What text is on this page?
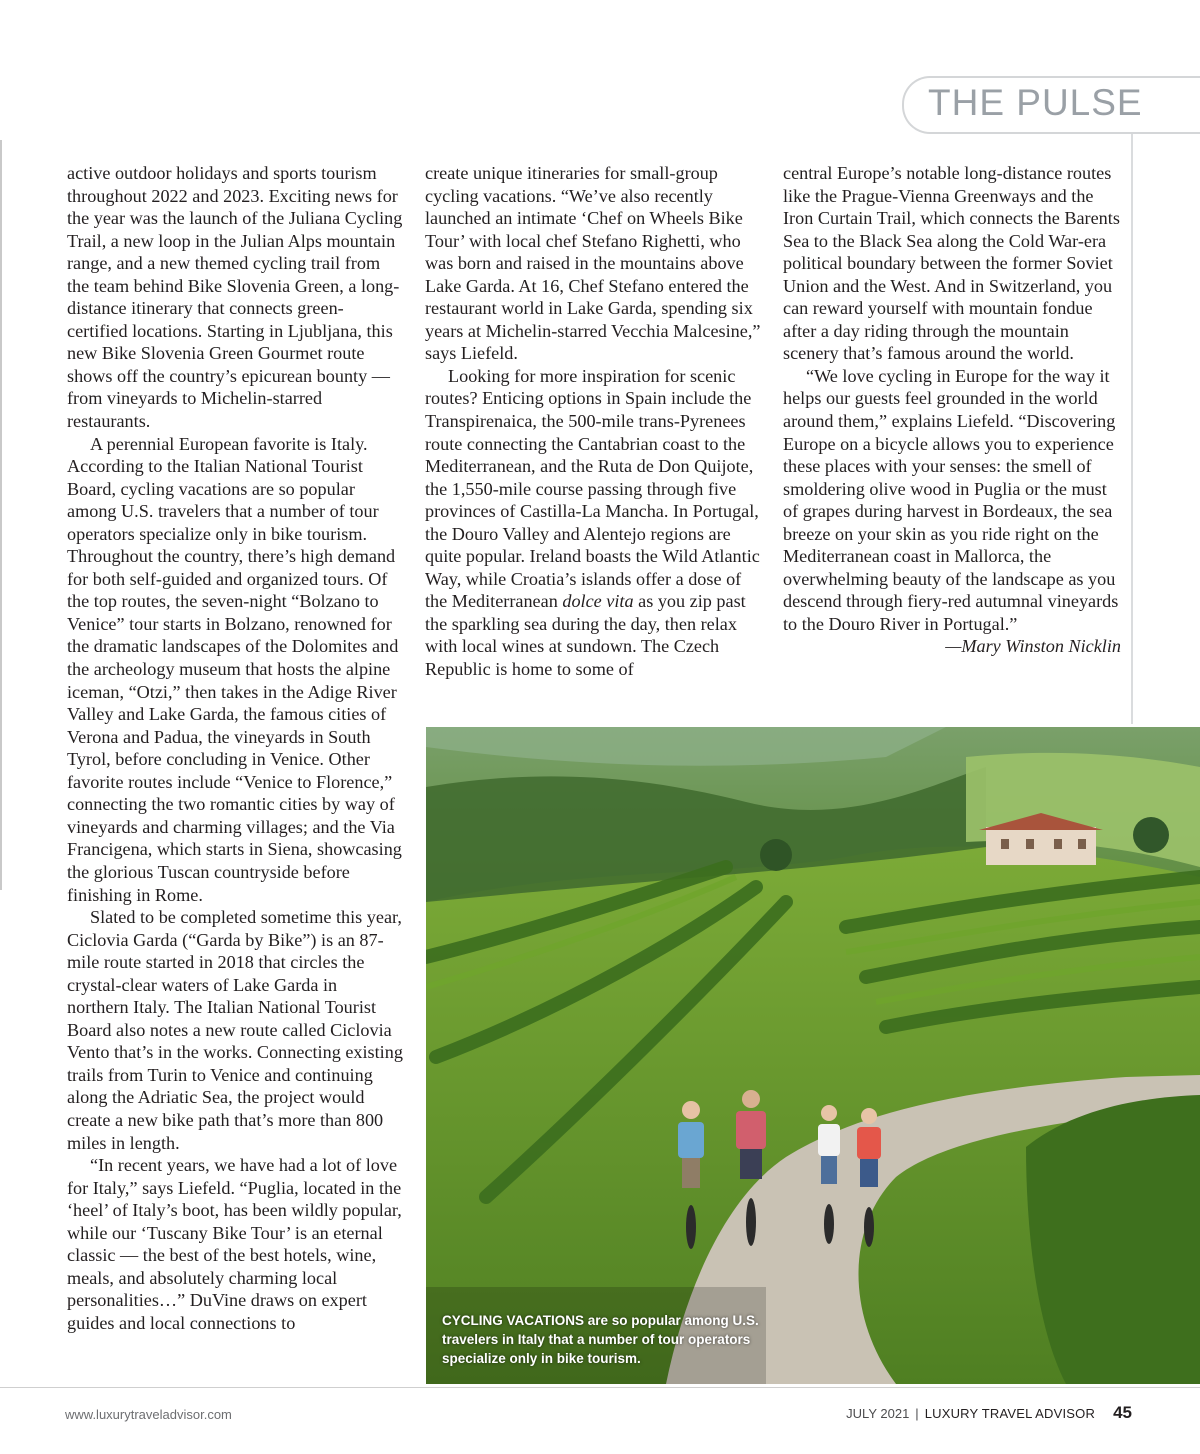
THE PULSE

active outdoor holidays and sports tourism throughout 2022 and 2023. Exciting news for the year was the launch of the Juliana Cycling Trail, a new loop in the Julian Alps mountain range, and a new themed cycling trail from the team behind Bike Slovenia Green, a long-distance itinerary that connects green-certified locations. Starting in Ljubljana, this new Bike Slovenia Green Gourmet route shows off the country’s epicurean bounty — from vineyards to Michelin-starred restaurants.

A perennial European favorite is Italy. According to the Italian National Tourist Board, cycling vacations are so popular among U.S. travelers that a number of tour operators specialize only in bike tourism. Throughout the country, there’s high demand for both self-guided and organized tours. Of the top routes, the seven-night “Bolzano to Venice” tour starts in Bolzano, renowned for the dramatic landscapes of the Dolomites and the archeology museum that hosts the alpine iceman, “Otzi,” then takes in the Adige River Valley and Lake Garda, the famous cities of Verona and Padua, the vineyards in South Tyrol, before concluding in Venice. Other favorite routes include “Venice to Florence,” connecting the two romantic cities by way of vineyards and charming villages; and the Via Francigena, which starts in Siena, showcasing the glorious Tuscan countryside before finishing in Rome.

Slated to be completed sometime this year, Ciclovia Garda (“Garda by Bike”) is an 87-mile route started in 2018 that circles the crystal-clear waters of Lake Garda in northern Italy. The Italian National Tourist Board also notes a new route called Ciclovia Vento that’s in the works. Connecting existing trails from Turin to Venice and continuing along the Adriatic Sea, the project would create a new bike path that’s more than 800 miles in length.

“In recent years, we have had a lot of love for Italy,” says Liefeld. “Puglia, located in the ‘heel’ of Italy’s boot, has been wildly popular, while our ‘Tuscany Bike Tour’ is an eternal classic — the best of the best hotels, wine, meals, and absolutely charming local personalities…” DuVine draws on expert guides and local connections to

create unique itineraries for small-group cycling vacations. “We’ve also recently launched an intimate ‘Chef on Wheels Bike Tour’ with local chef Stefano Righetti, who was born and raised in the mountains above Lake Garda. At 16, Chef Stefano entered the restaurant world in Lake Garda, spending six years at Michelin-starred Vecchia Malcesine,” says Liefeld.

Looking for more inspiration for scenic routes? Enticing options in Spain include the Transpirenaica, the 500-mile trans-Pyrenees route connecting the Cantabrian coast to the Mediterranean, and the Ruta de Don Quijote, the 1,550-mile course passing through five provinces of Castilla-La Mancha. In Portugal, the Douro Valley and Alentejo regions are quite popular. Ireland boasts the Wild Atlantic Way, while Croatia’s islands offer a dose of the Mediterranean dolce vita as you zip past the sparkling sea during the day, then relax with local wines at sundown. The Czech Republic is home to some of

central Europe’s notable long-distance routes like the Prague-Vienna Greenways and the Iron Curtain Trail, which connects the Barents Sea to the Black Sea along the Cold War-era political boundary between the former Soviet Union and the West. And in Switzerland, you can reward yourself with mountain fondue after a day riding through the mountain scenery that’s famous around the world.

“We love cycling in Europe for the way it helps our guests feel grounded in the world around them,” explains Liefeld. “Discovering Europe on a bicycle allows you to experience these places with your senses: the smell of smoldering olive wood in Puglia or the must of grapes during harvest in Bordeaux, the sea breeze on your skin as you ride right on the Mediterranean coast in Mallorca, the overwhelming beauty of the landscape as you descend through fiery-red autumnal vineyards to the Douro River in Portugal.”

—Mary Winston Nicklin

CYCLING VACATIONS are so popular among U.S. travelers in Italy that a number of tour operators specialize only in bike tourism.
www.luxurytraveladvisor.com	JULY 2021 | LUXURY TRAVEL ADVISOR 45
